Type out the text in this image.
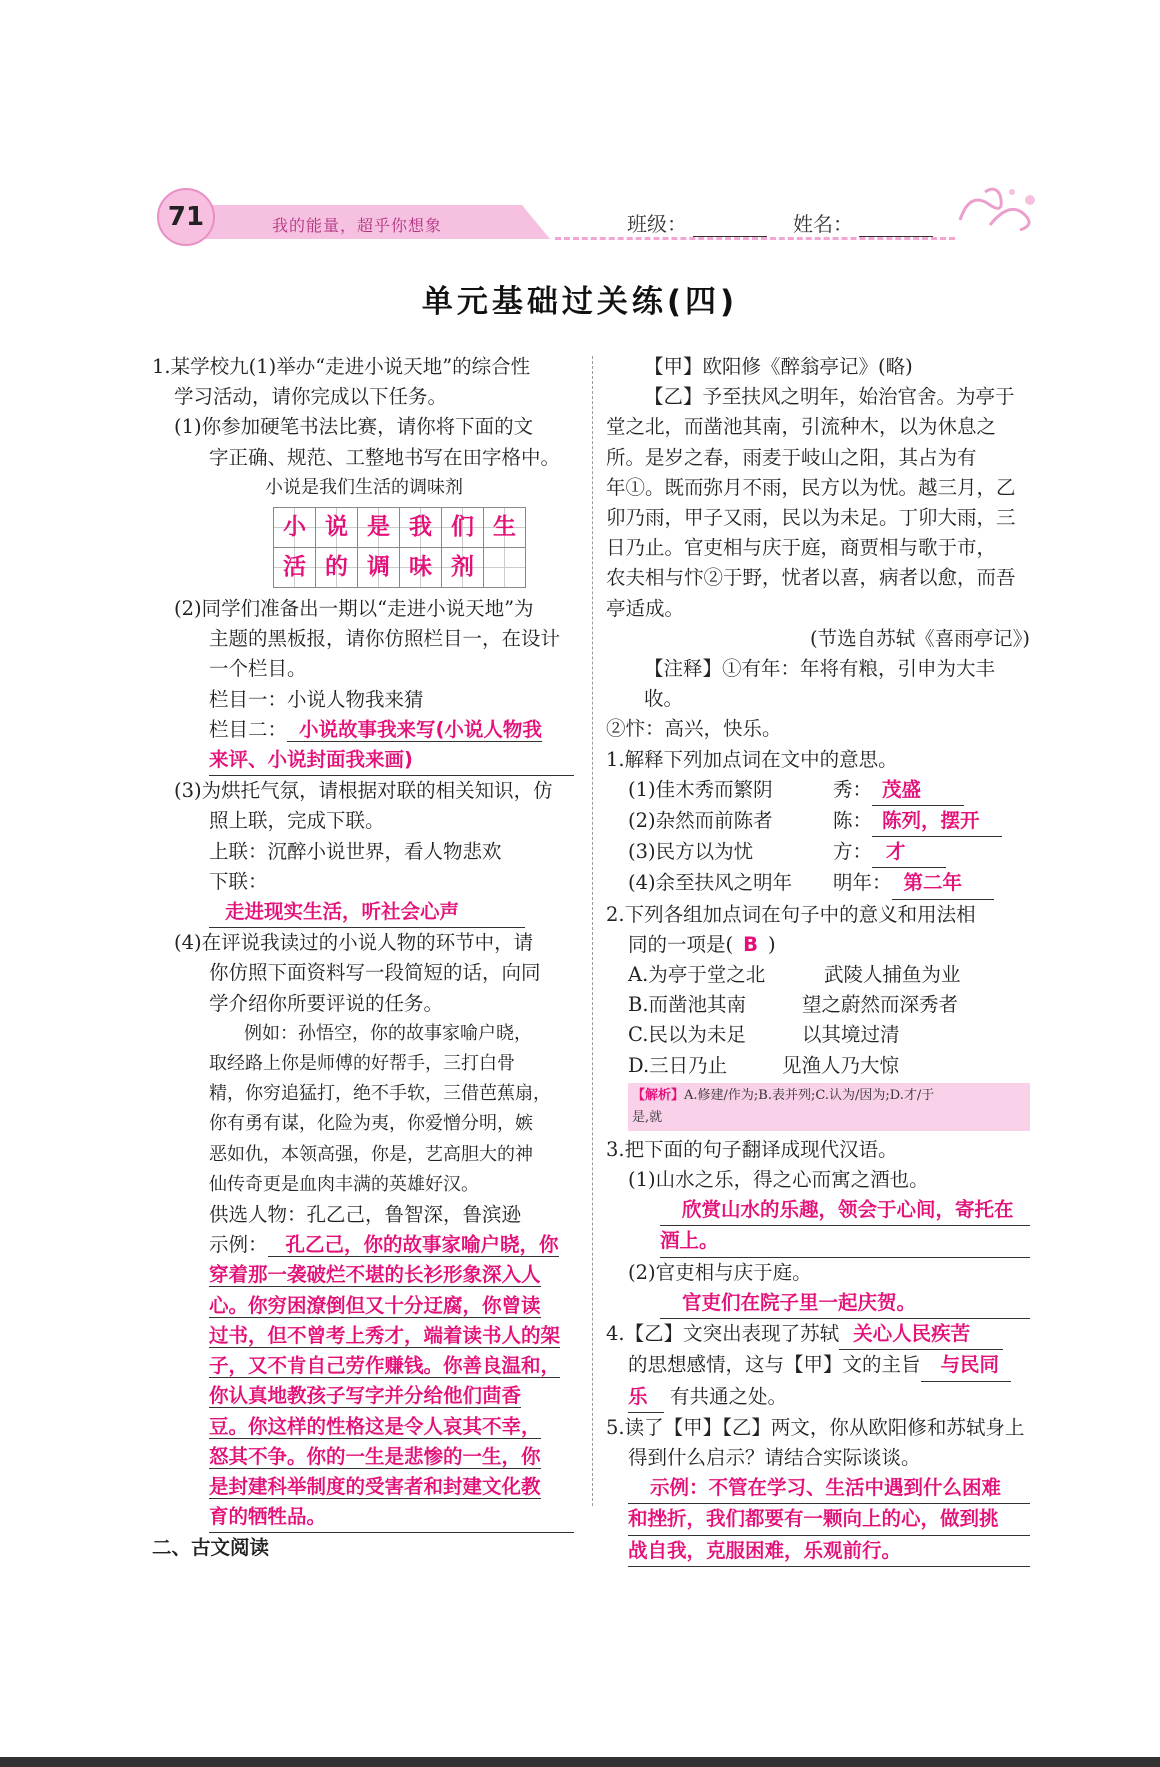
71	我的能量，超乎你想象	班级：	姓名：
单元基础过关练(四)
1.某学校九(1)举办“走进小说天地”的综合性
学习活动，请你完成以下任务。
(1)你参加硬笔书法比赛，请你将下面的文
字正确、规范、工整地书写在田字格中。
小说是我们生活的调味剂
小	说	是	我	们	生
活	的	调	味	剂	
(2)同学们准备出一期以“走进小说天地”为
主题的黑板报，请你仿照栏目一，在设计
一个栏目。
栏目一：小说人物我来猜
栏目二： 小说故事我来写(小说人物我
来评、小说封面我来画)
(3)为烘托气氛，请根据对联的相关知识，仿
照上联，完成下联。
上联：沉醉小说世界，看人物悲欢
下联：走进现实生活，听社会心声
(4)在评说我读过的小说人物的环节中，请
你仿照下面资料写一段简短的话，向同
学介绍你所要评说的任务。
例如：孙悟空，你的故事家喻户晓，
取经路上你是师傅的好帮手，三打白骨
精，你穷追猛打，绝不手软，三借芭蕉扇，
你有勇有谋，化险为夷，你爱憎分明，嫉
恶如仇，本领高强，你是，艺高胆大的神
仙传奇更是血肉丰满的英雄好汉。
供选人物：孔乙己，鲁智深，鲁滨逊
示例： 孔乙己，你的故事家喻户晓，你
穿着那一袭破烂不堪的长衫形象深入人
心。你穷困潦倒但又十分迂腐，你曾读
过书，但不曾考上秀才，端着读书人的架
子，又不肯自己劳作赚钱。你善良温和，
你认真地教孩子写字并分给他们茴香
豆。你这样的性格这是令人哀其不幸，
怒其不争。你的一生是悲惨的一生，你
是封建科举制度的受害者和封建文化教
育的牺牲品。
二、古文阅读
【甲】欧阳修《醉翁亭记》(略)
【乙】予至扶风之明年，始治官舍。为亭于
堂之北，而凿池其南，引流种木，以为休息之
所。是岁之春，雨麦于岐山之阳，其占为有
年①。既而弥月不雨，民方以为忧。越三月，乙
卯乃雨，甲子又雨，民以为未足。丁卯大雨，三
日乃止。官吏相与庆于庭，商贾相与歌于市，
农夫相与忭②于野，忧者以喜，病者以愈，而吾
亭适成。
(节选自苏轼《喜雨亭记》)
【注释】①有年：年将有粮，引申为大丰收。
②忭：高兴，快乐。
1.解释下列加点词在文中的意思。
(1)佳木秀而繁阴	秀： 茂盛
(2)杂然而前陈者	陈： 陈列，摆开
(3)民方以为忧	方： 才
(4)余至扶风之明年 明年： 第二年
2.下列各组加点词在句子中的意义和用法相
同的一项是( B )
A.为亭于堂之北	武陵人捕鱼为业
B.而凿池其南	望之蔚然而深秀者
C.民以为未足	以其境过清
D.三日乃止	见渔人乃大惊
【解析】A.修建/作为;B.表并列;C.认为/因为;D.才/于
是,就
3.把下面的句子翻译成现代汉语。
(1)山水之乐，得之心而寓之酒也。
欣赏山水的乐趣，领会于心间，寄托在
酒上。
(2)官吏相与庆于庭。
官吏们在院子里一起庆贺。
4.【乙】文突出表现了苏轼 关心人民疾苦
的思想感情，这与【甲】文的主旨 与民同
乐 有共通之处。
5.读了【甲】【乙】两文，你从欧阳修和苏轼身上
得到什么启示？请结合实际谈谈。
示例：不管在学习、生活中遇到什么困难
和挫折，我们都要有一颗向上的心，做到挑
战自我，克服困难，乐观前行。
